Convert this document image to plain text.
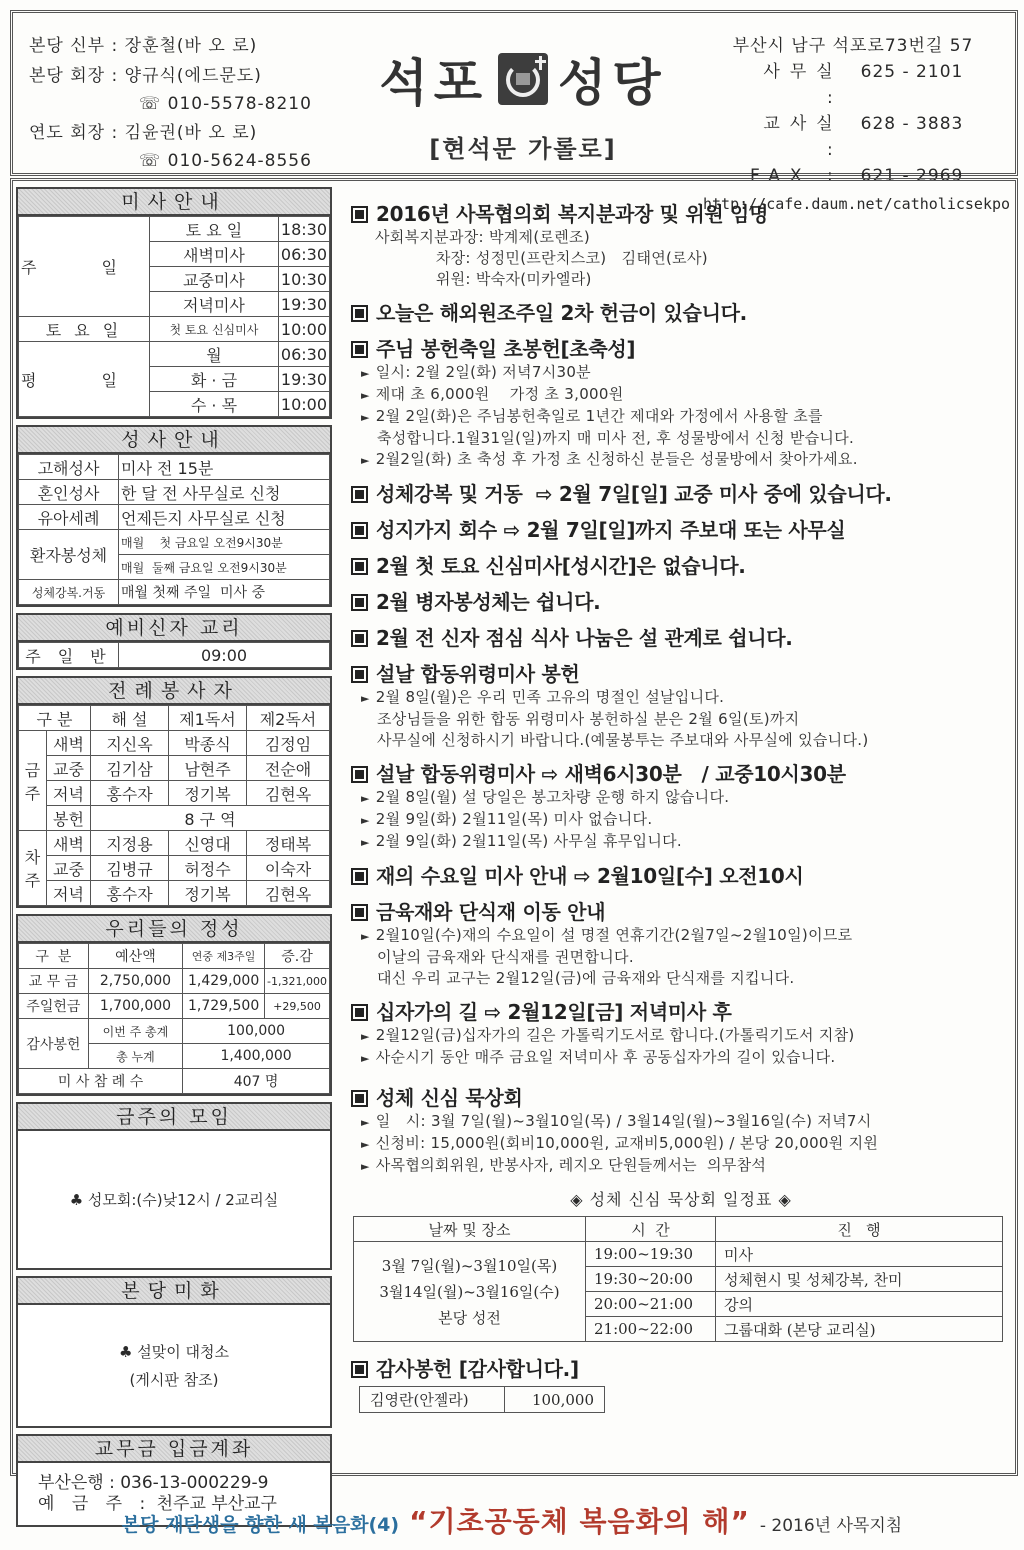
본당 신부 : 장훈철(바 오 로)
본당 회장 : 양규식(에드문도)
☏ 010-5578-8210
연도 회장 : 김윤권(바 오 로)
☏ 010-5624-8556
석포 성당
[현석문 가롤로]
부산시 남구 석포로73번길 57
사무실 :
625 - 2101
교사실 :
628 - 3883
FAX : 621 - 2969
http://cafe.daum.net/catholicsekpo
미사안내
주 일	토 요 일	18:30
	새벽미사	06:30
	교중미사	10:30
	저녁미사	19:30
토 요 일	첫 토요 신심미사	10:00
평 일	월	06:30
	화 · 금	19:30
	수 · 목	10:00
성사안내
고해성사	미사 전 15분
혼인성사	한 달 전 사무실로 신청
유아세례	언제든지 사무실로 신청
환자봉성체	매월    첫 금요일 오전9시30분
	매월  둘째 금요일 오전9시30분
성체강복.거동	매월 첫째 주일  미사 중
예비신자 교리
주 일 반	09:00
전례봉사자
구 분		해 설	제1독서	제2독서
금 주	새벽	지신옥	박종식	김정임
	교중	김기삼	남현주	전순애
	저녁	홍수자	정기복	김현옥
	봉헌	8 구 역		
차 주	새벽	지정용	신영대	정태복
	교중	김병규	허정수	이숙자
	저녁	홍수자	정기복	김현옥
우리들의 정성
구  분	예산액	연중 제3주일	증.감
교 무 금	2,750,000	1,429,000	-1,321,000
주일헌금	1,700,000	1,729,500	+29,500
감사봉헌	이번 주 총계	100,000	
	총 누계	1,400,000	
미 사 참 례 수		407 명	
금주의 모임
♣ 성모회:(수)낮12시 / 2교리실
본당미화
♣ 설맞이 대청소
(게시판 참조)
교무금 입금계좌
부산은행 : 036-13-000229-9
예 금 주 : 천주교 부산교구
2016년 사목협의회 복지분과장 및 위원 임명
사회복지분과장: 박계제(로렌조)
차장: 성정민(프란치스코)   김태연(로사)
위원: 박숙자(미카엘라)
오늘은 해외원조주일 2차 헌금이 있습니다.
주님 봉헌축일 초봉헌[초축성]
► 일시: 2월 2일(화) 저녁7시30분
► 제대 초 6,000원    가정 초 3,000원
► 2월 2일(화)은 주님봉헌축일로 1년간 제대와 가정에서 사용할 초를
축성합니다.1월31일(일)까지 매 미사 전, 후 성물방에서 신청 받습니다.
► 2월2일(화) 초 축성 후 가정 초 신청하신 분들은 성물방에서 찾아가세요.
성체강복 및 거동  ⇨ 2월 7일[일] 교중 미사 중에 있습니다.
성지가지 회수 ⇨ 2월 7일[일]까지 주보대 또는 사무실
2월 첫 토요 신심미사[성시간]은 없습니다.
2월 병자봉성체는 쉽니다.
2월 전 신자 점심 식사 나눔은 설 관계로 쉽니다.
설날 합동위령미사 봉헌
► 2월 8일(월)은 우리 민족 고유의 명절인 설날입니다.
조상님들을 위한 합동 위령미사 봉헌하실 분은 2월 6일(토)까지
사무실에 신청하시기 바랍니다.(예물봉투는 주보대와 사무실에 있습니다.)
설날 합동위령미사 ⇨ 새벽6시30분   / 교중10시30분
► 2월 8일(월) 설 당일은 봉고차량 운행 하지 않습니다.
► 2월 9일(화) 2월11일(목) 미사 없습니다.
► 2월 9일(화) 2월11일(목) 사무실 휴무입니다.
재의 수요일 미사 안내 ⇨ 2월10일[수] 오전10시
금육재와 단식재 이동 안내
► 2월10일(수)재의 수요일이 설 명절 연휴기간(2월7일~2월10일)이므로
이날의 금육재와 단식재를 권면합니다.
대신 우리 교구는 2월12일(금)에 금육재와 단식재를 지킵니다.
십자가의 길 ⇨ 2월12일[금] 저녁미사 후
► 2월12일(금)십자가의 길은 가톨릭기도서로 합니다.(가톨릭기도서 지참)
► 사순시기 동안 매주 금요일 저녁미사 후 공동십자가의 길이 있습니다.
성체 신심 묵상회
► 일   시: 3월 7일(월)~3월10일(목) / 3월14일(월)~3월16일(수) 저녁7시
► 신청비: 15,000원(회비10,000원, 교재비5,000원) / 본당 20,000원 지원
► 사목협의회위원, 반봉사자, 레지오 단원들께서는  의무참석
◈ 성체 신심 묵상회 일정표 ◈
날짜 및 장소	시  간	진   행

3월 7일(월)~3월10일(목)
3월14일(월)~3월16일(수)
본당 성전	19:00~19:30	미사
	19:30~20:00	성체현시 및 성체강복, 찬미
	20:00~21:00	강의
	21:00~22:00	그룹대화 (본당 교리실)
감사봉헌 [감사합니다.]
김영란(안젤라)	100,000
본당 재탄생을 향한 새 복음화(4) “기초공동체 복음화의 해” - 2016년 사목지침
